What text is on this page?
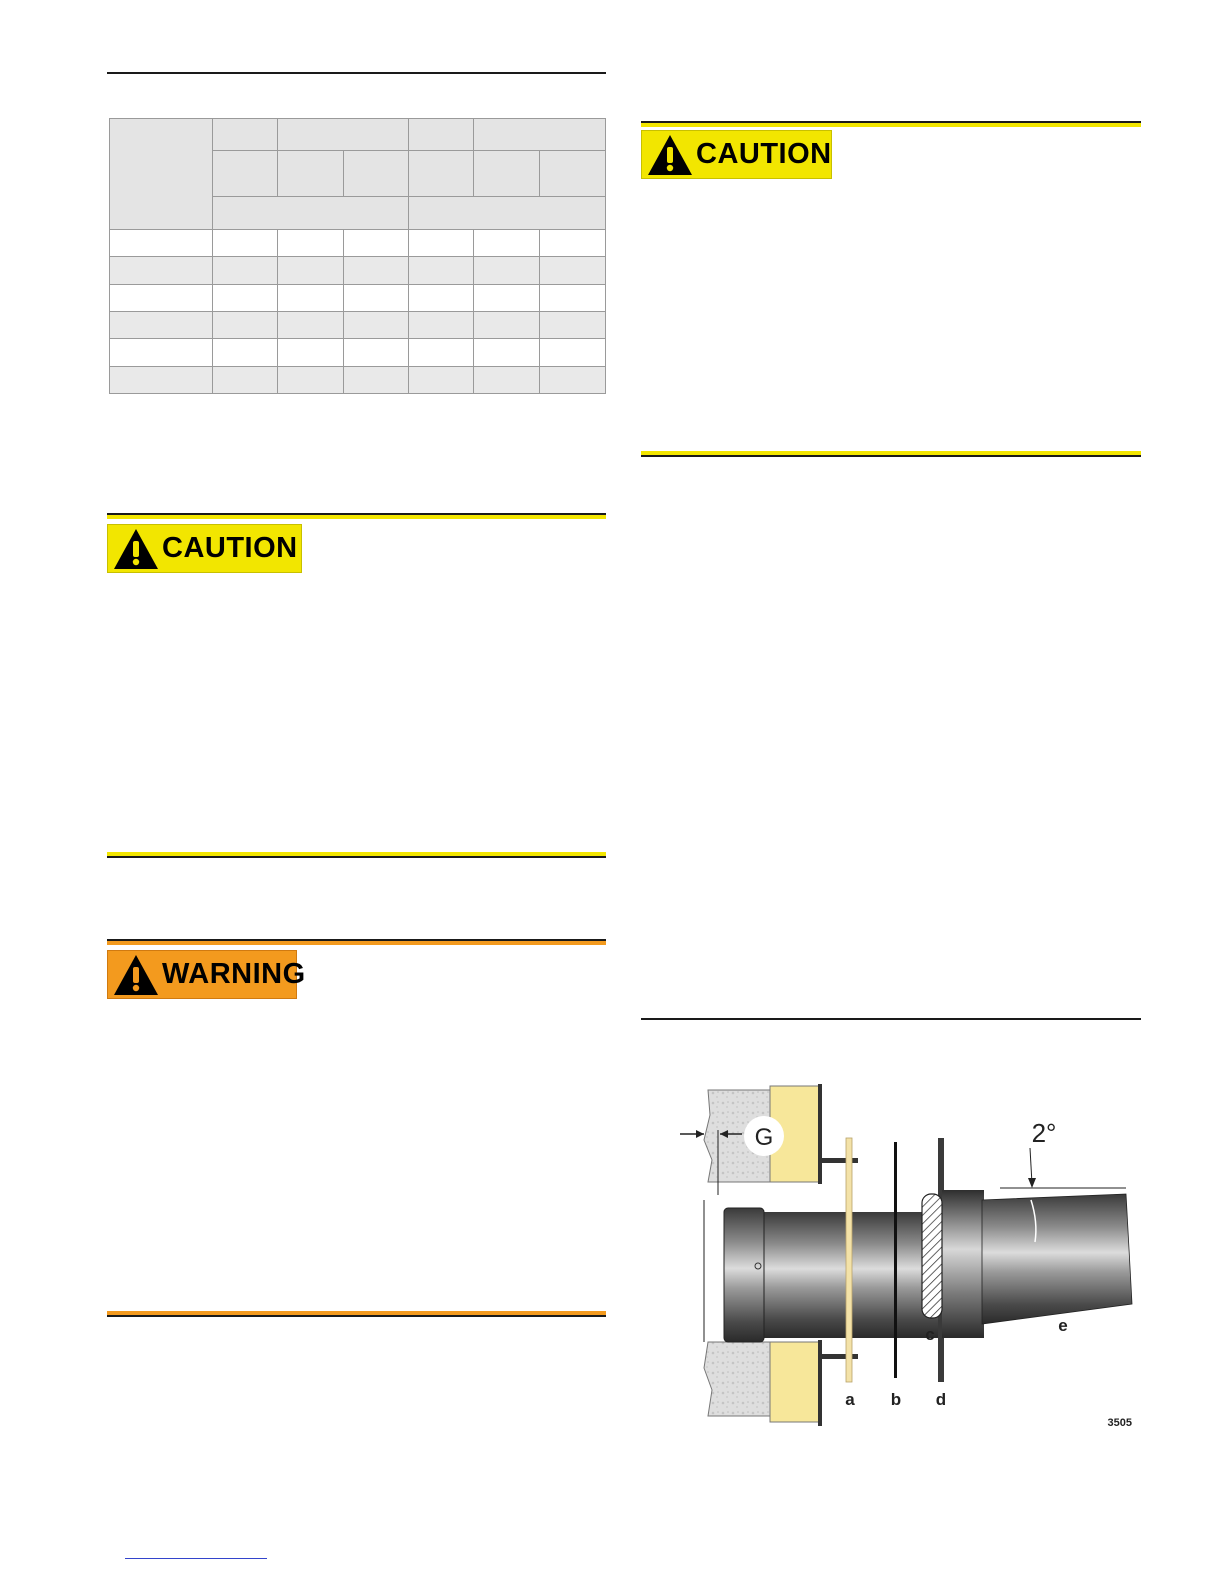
CAUTION
WARNING
CAUTION
G	2°
a b
c
d
e
3505
